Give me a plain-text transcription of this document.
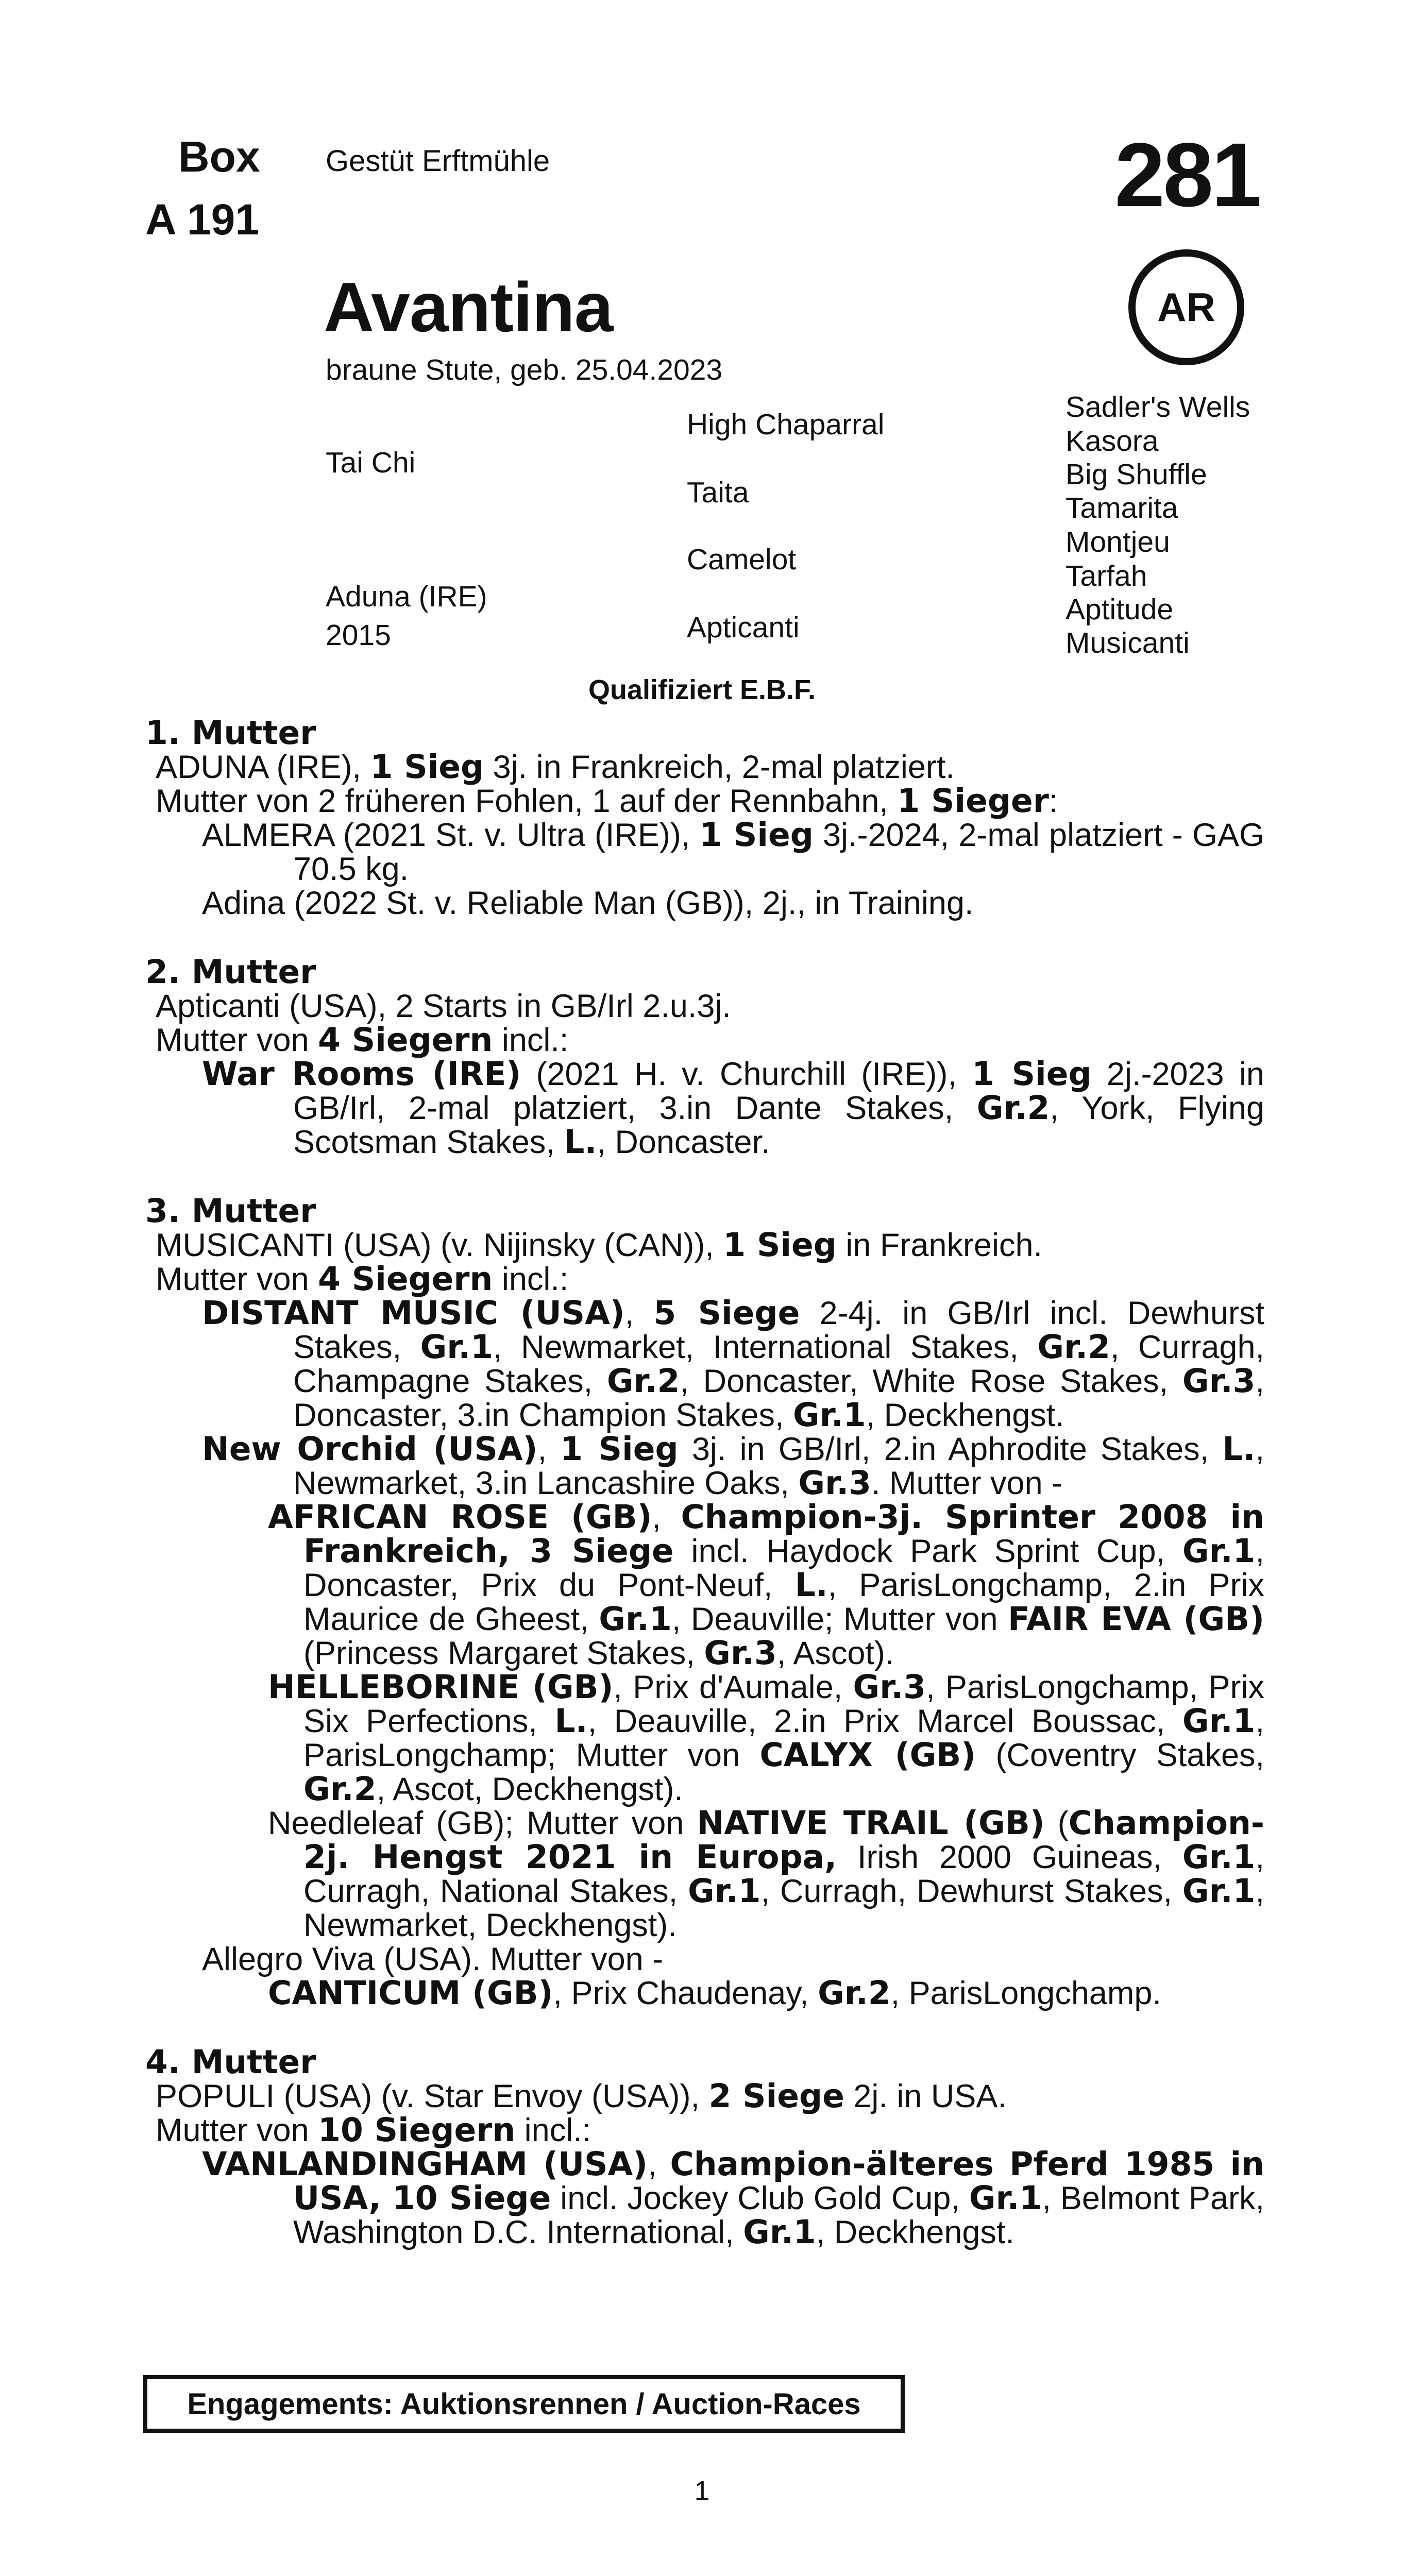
Box
A 191
Gestüt Erftmühle	281
AR
Avantina
braune Stute, geb. 25.04.2023
Tai Chi
Aduna (IRE)
2015
High Chaparral
Taita
Camelot
Apticanti
Sadler's Wells
Kasora
Big Shuffle
Tamarita
Montjeu
Tarfah
Aptitude
Musicanti
Qualifiziert E.B.F.
1. Mutter
ADUNA (IRE), 1 Sieg 3j. in Frankreich, 2-mal platziert.
Mutter von 2 früheren Fohlen, 1 auf der Rennbahn, 1 Sieger:
ALMERA (2021 St. v. Ultra (IRE)), 1 Sieg 3j.-2024, 2-mal platziert - GAG 70.5 kg.
Adina (2022 St. v. Reliable Man (GB)), 2j., in Training.
2. Mutter
Apticanti (USA), 2 Starts in GB/Irl 2.u.3j.
Mutter von 4 Siegern incl.:
War Rooms (IRE) (2021 H. v. Churchill (IRE)), 1 Sieg 2j.-2023 in GB/Irl, 2-mal platziert, 3.in Dante Stakes, Gr.2, York, Flying Scotsman Stakes, L., Doncaster.
3. Mutter
MUSICANTI (USA) (v. Nijinsky (CAN)), 1 Sieg in Frankreich.
Mutter von 4 Siegern incl.:
DISTANT MUSIC (USA), 5 Siege 2-4j. in GB/Irl incl. Dewhurst Stakes, Gr.1, Newmarket, International Stakes, Gr.2, Curragh, Champagne Stakes, Gr.2, Doncaster, White Rose Stakes, Gr.3, Doncaster, 3.in Champion Stakes, Gr.1, Deckhengst.
New Orchid (USA), 1 Sieg 3j. in GB/Irl, 2.in Aphrodite Stakes, L., Newmarket, 3.in Lancashire Oaks, Gr.3. Mutter von -
AFRICAN ROSE (GB), Champion-3j. Sprinter 2008 in Frankreich, 3 Siege incl. Haydock Park Sprint Cup, Gr.1, Doncaster, Prix du Pont-Neuf, L., ParisLongchamp, 2.in Prix Maurice de Gheest, Gr.1, Deauville; Mutter von FAIR EVA (GB) (Princess Margaret Stakes, Gr.3, Ascot).
HELLEBORINE (GB), Prix d'Aumale, Gr.3, ParisLongchamp, Prix Six Perfections, L., Deauville, 2.in Prix Marcel Boussac, Gr.1, ParisLongchamp; Mutter von CALYX (GB) (Coventry Stakes, Gr.2, Ascot, Deckhengst).
Needleleaf (GB); Mutter von NATIVE TRAIL (GB) (Champion-2j. Hengst 2021 in Europa, Irish 2000 Guineas, Gr.1, Curragh, National Stakes, Gr.1, Curragh, Dewhurst Stakes, Gr.1, Newmarket, Deckhengst).
Allegro Viva (USA). Mutter von -
CANTICUM (GB), Prix Chaudenay, Gr.2, ParisLongchamp.
4. Mutter
POPULI (USA) (v. Star Envoy (USA)), 2 Siege 2j. in USA.
Mutter von 10 Siegern incl.:
VANLANDINGHAM (USA), Champion-älteres Pferd 1985 in USA, 10 Siege incl. Jockey Club Gold Cup, Gr.1, Belmont Park, Washington D.C. International, Gr.1, Deckhengst.
Engagements: Auktionsrennen / Auction-Races
1
